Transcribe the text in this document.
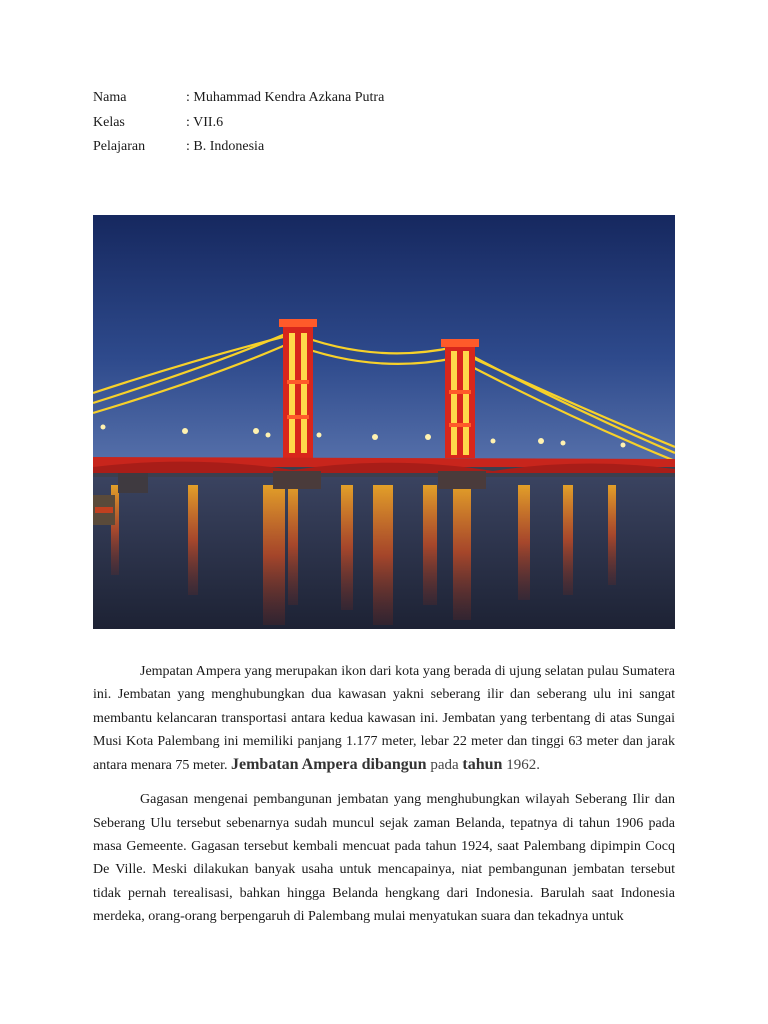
Nama	: Muhammad Kendra Azkana Putra
Kelas	: VII.6
Pelajaran	: B. Indonesia

Jempatan Ampera yang merupakan ikon dari kota yang berada di ujung selatan pulau Sumatera ini. Jembatan yang menghubungkan dua kawasan yakni seberang ilir dan seberang ulu ini sangat membantu kelancaran transportasi antara kedua kawasan ini. Jembatan yang terbentang di atas Sungai Musi Kota Palembang ini memiliki panjang 1.177 meter, lebar 22 meter dan tinggi 63 meter dan jarak antara menara 75 meter. Jembatan Ampera dibangun pada tahun 1962.

Gagasan mengenai pembangunan jembatan yang menghubungkan wilayah Seberang Ilir dan Seberang Ulu tersebut sebenarnya sudah muncul sejak zaman Belanda, tepatnya di tahun 1906 pada masa Gemeente. Gagasan tersebut kembali mencuat pada tahun 1924, saat Palembang dipimpin Cocq De Ville. Meski dilakukan banyak usaha untuk mencapainya, niat pembangunan jembatan tersebut tidak pernah terealisasi, bahkan hingga Belanda hengkang dari Indonesia. Barulah saat Indonesia merdeka, orang-orang berpengaruh di Palembang mulai menyatukan suara dan tekadnya untuk
